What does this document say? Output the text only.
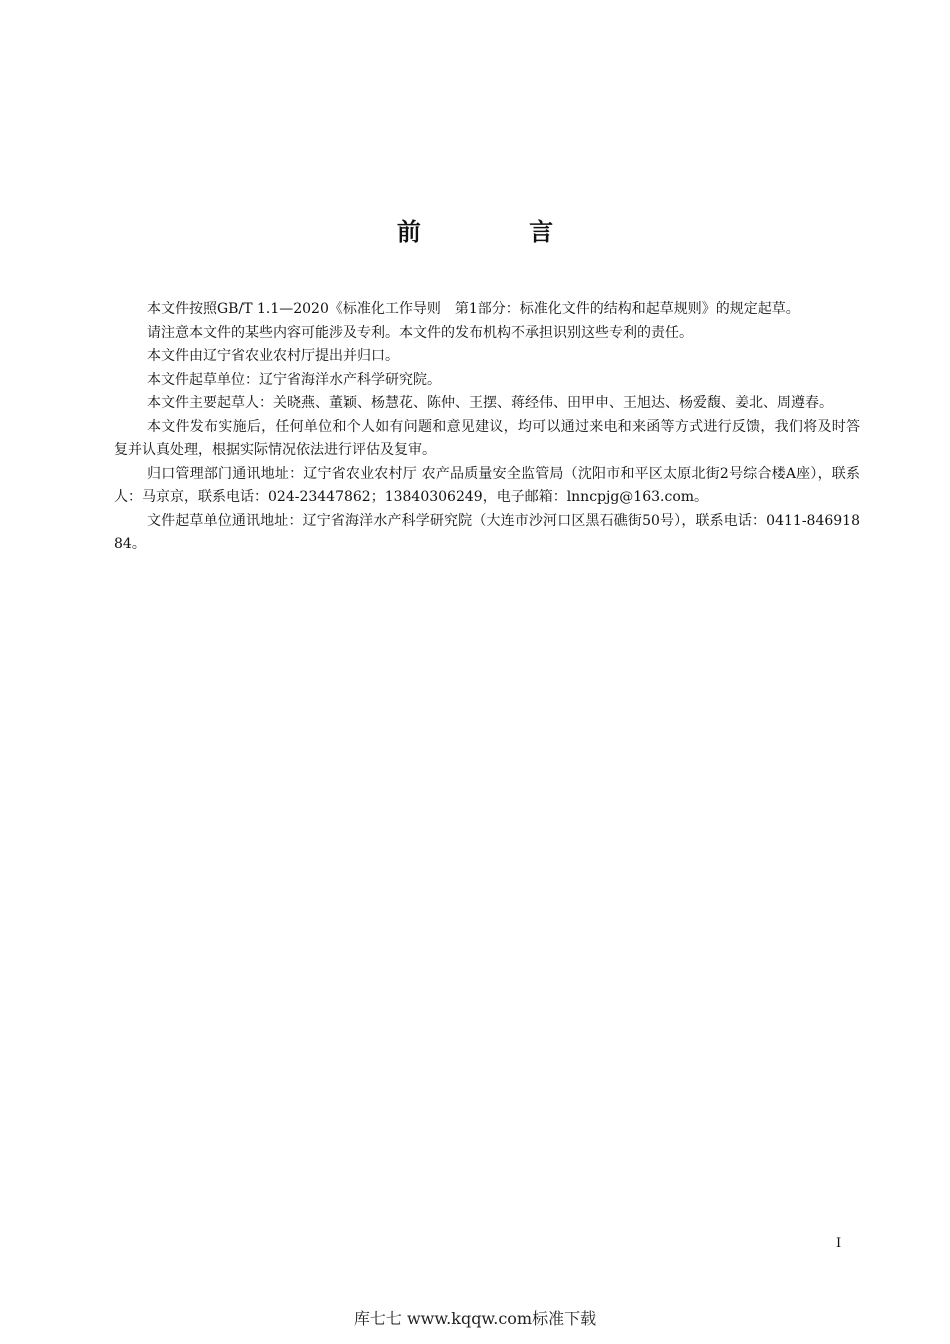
前 言

本文件按照GB/T 1.1—2020《标准化工作导则　第1部分：标准化文件的结构和起草规则》的规定起草。

请注意本文件的某些内容可能涉及专利。本文件的发布机构不承担识别这些专利的责任。

本文件由辽宁省农业农村厅提出并归口。

本文件起草单位：辽宁省海洋水产科学研究院。

本文件主要起草人：关晓燕、董颖、杨慧花、陈仲、王摆、蒋经伟、田甲申、王旭达、杨爱馥、姜北、周遵春。

本文件发布实施后，任何单位和个人如有问题和意见建议，均可以通过来电和来函等方式进行反馈，我们将及时答复并认真处理，根据实际情况依法进行评估及复审。

归口管理部门通讯地址：辽宁省农业农村厅 农产品质量安全监管局（沈阳市和平区太原北街2号综合楼A座），联系人：马京京，联系电话：024-23447862；13840306249，电子邮箱：lnncpjg@163.com。

文件起草单位通讯地址：辽宁省海洋水产科学研究院（大连市沙河口区黑石礁街50号），联系电话：0411-84691884。

I
库七七 www.kqqw.com标准下载
